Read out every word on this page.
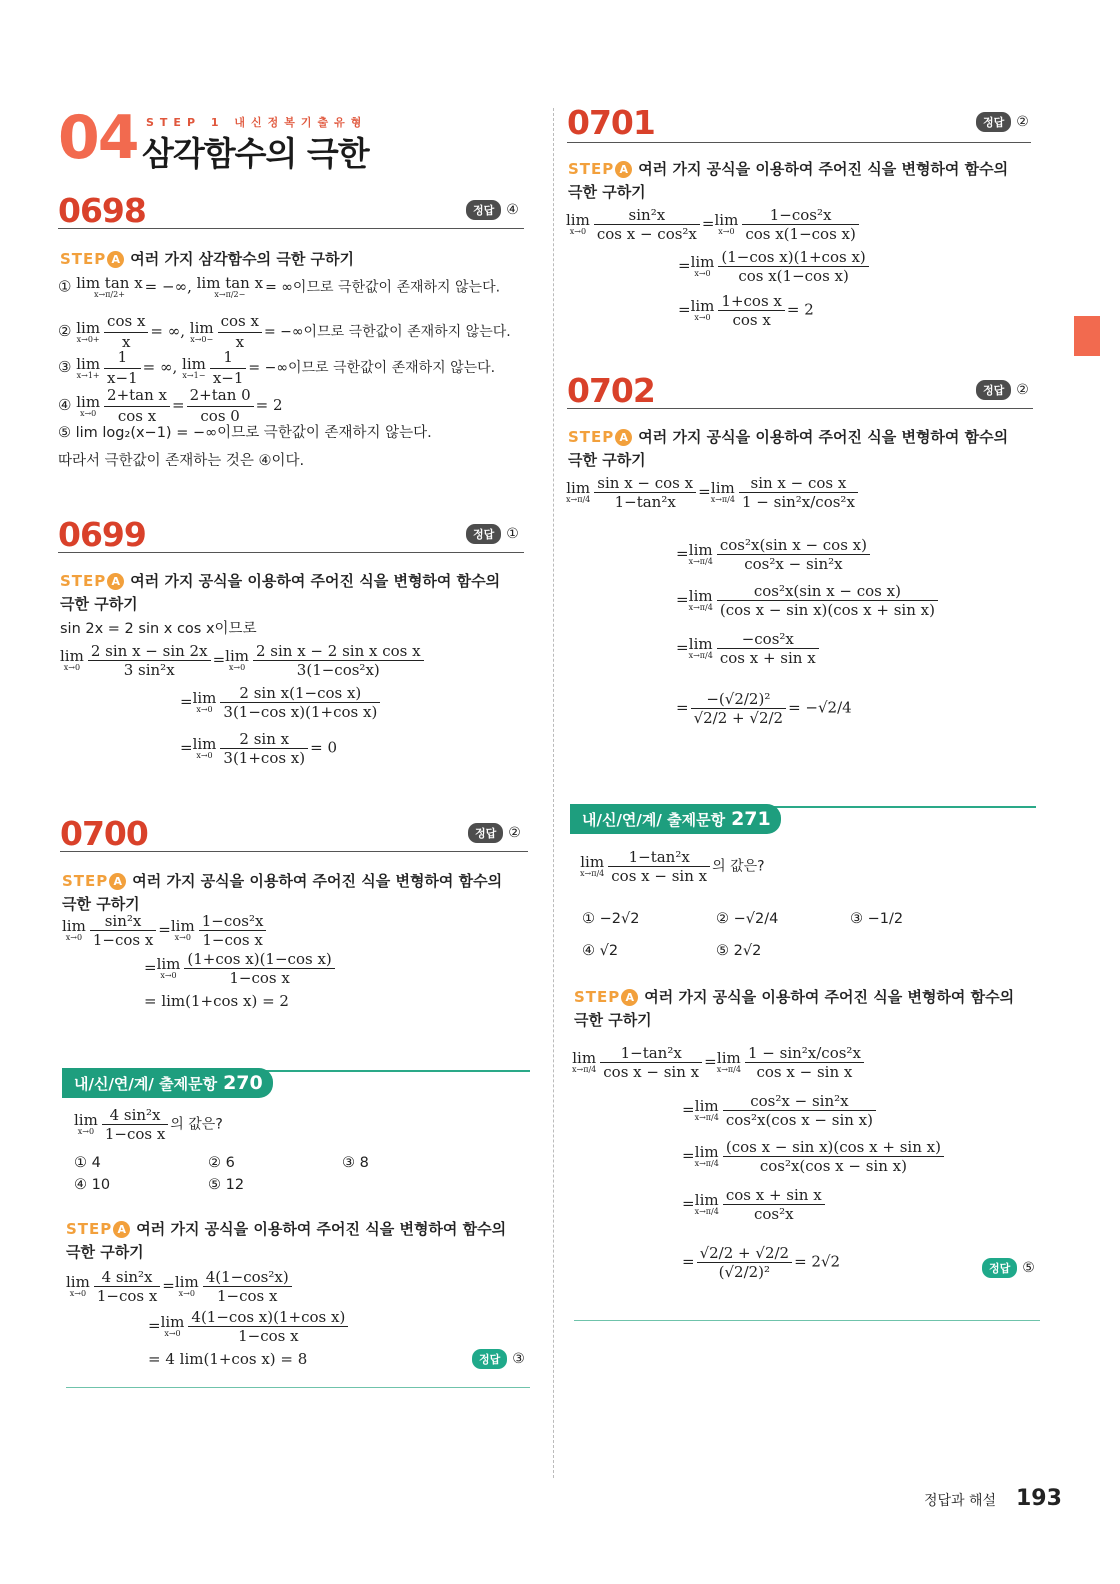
04 STEP 1 내신정복기출유형
삼각함수의 극한
0698	정답 ④
STEP A 여러 가지 삼각함수의 극한 구하기
① lim tan x
x→π/2+	= −∞, lim tan x
x→π/2−	= ∞이므로 극한값이 존재하지 않는다.
② lim
$x\to 0+ \frac{\text{cos x}}{x}$ = ∞, lim
$x\to 0- \frac{\text{cos x}}{x}$ = −∞이므로 극한값이 존재하지 않는다.
③ lim
$x\to 1+ \frac{1}{x-1}$ = ∞, lim
$x\to 1- \frac{1}{x-1}$ = −∞이므로 극한값이 존재하지 않는다.
④ lim
$x\to 0 \frac{\text{2+tan x}}{\text{cos x}} = \frac{2+\tan 0}{\cos 0} = 2$
⑤ lim log₂(x−1) = −∞이므로 극한값이 존재하지 않는다.
따라서 극한값이 존재하는 것은 ④이다.
0699	정답 ①
STEP A 여러 가지 공식을 이용하여 주어진 식을 변형하여 함수의 극한 구하기
sin 2x = 2 sin x cos x이므로
lim
$x\to 0 \frac{\text{2 sin x − sin 2x}}{\text{3 sin²x}} = \lim$
$x\to 0 \frac{\text{2 sin x − 2 sin x cos x}}{\text{3(1−cos²x)}}$
= lim
$x\to 0 \frac{\text{2 sin x(1−cos x)}}{\text{3(1−cos x)(1+cos x)}}$
= lim
$x\to 0 \frac{\text{2 sin x}}{\text{3(1+cos x)}} = 0$
0700	정답 ②
STEP A 여러 가지 공식을 이용하여 주어진 식을 변형하여 함수의 극한 구하기
lim
$x\to 0 \frac{\text{sin²x}}{\text{1−cos x}} = \lim$
$x\to 0 \frac{\text{1−cos²x}}{\text{1−cos x}}$
= lim
$x\to 0 \frac{\text{(1+cos x)(1−cos x)}}{\text{1−cos x}}$
= lim(1+cos x) = 2
내/신/연/계/ 출제문항 270
lim
$x\to 0 \frac{\text{4 sin²x}}{\text{1−cos x}}$ 의 값은?
① 4	② 6	③ 8
④ 10	⑤ 12
STEP A 여러 가지 공식을 이용하여 주어진 식을 변형하여 함수의 극한 구하기
lim
$x\to 0 \frac{\text{4 sin²x}}{\text{1−cos x}} = \lim$
$x\to 0 \frac{\text{4(1−cos²x)}}{\text{1−cos x}}$
= lim
$x\to 0 \frac{\text{4(1−cos x)(1+cos x)}}{\text{1−cos x}}$
= 4 lim(1+cos x) = 8	정답 ③
0701	정답 ②
STEP A 여러 가지 공식을 이용하여 주어진 식을 변형하여 함수의 극한 구하기
lim
$x\to 0 \frac{\text{sin²x}}{\text{cos x − cos²x}} = \lim$
$x\to 0 \frac{\text{1−cos²x}}{\text{cos x(1−cos x)}}$
= lim
$x\to 0 \frac{\text{(1−cos x)(1+cos x)}}{\text{cos x(1−cos x)}}$
= lim
$x\to 0 \frac{\text{1+cos x}}{\text{cos x}} = 2$
0702	정답 ②
STEP A 여러 가지 공식을 이용하여 주어진 식을 변형하여 함수의 극한 구하기
lim
$x\to\pi/4 \frac{\text{sin x − cos x}}{\text{1−tan²x}} = \lim$
$x\to\pi/4 \frac{\text{sin x − cos x}}{\text{1 − sin²x/cos²x}}$
= lim
$x\to\pi/4 \frac{\text{cos²x(sin x − cos x)}}{\text{cos²x − sin²x}}$
= lim
$x\to\pi/4 \frac{\text{cos²x(sin x − cos x)}}{\text{(cos x − sin x)(cos x + sin x)}}$
= lim
$x\to\pi/4 \frac{\text{−cos²x}}{\text{cos x + sin x}}$
= $\frac{\text{−(√2/2)²}}{√2/2 + √2/2} = -√2/4$
내/신/연/계/ 출제문항 271
lim
$x\to\pi/4 \frac{\text{1−tan²x}}{\text{cos x − sin x}}$ 의 값은?
① −2√2	② −√2/4	③ −1/2
④ √2	⑤ 2√2
STEP A 여러 가지 공식을 이용하여 주어진 식을 변형하여 함수의 극한 구하기
lim
$x\to\pi/4 \frac{\text{1−tan²x}}{\text{cos x − sin x}} = \lim$
$x\to\pi/4 \frac{\text{1 − sin²x/cos²x}}{\text{cos x − sin x}}$
= lim
$x\to\pi/4 \frac{\text{cos²x − sin²x}}{\text{cos²x(cos x − sin x)}}$
= lim
$x\to\pi/4 \frac{\text{(cos x − sin x)(cos x + sin x)}}{\text{cos²x(cos x − sin x)}}$
= lim
$x\to\pi/4 \frac{\text{cos x + sin x}}{\text{cos²x}}$
= $\frac{√2/2 + √2/2}{\text{(√2/2)²}} = 2√2$	정답 ⑤
정답과 해설 193
